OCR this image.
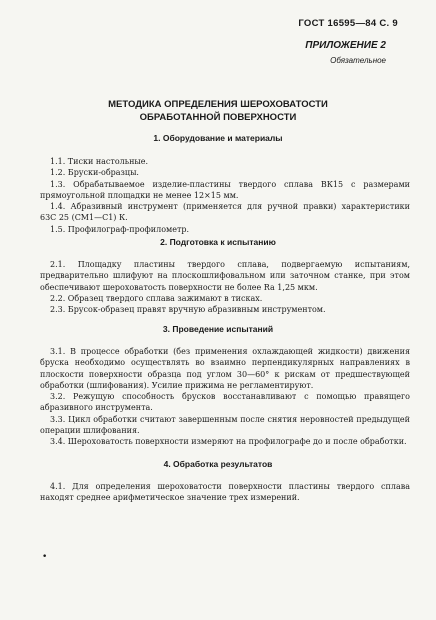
ГОСТ 16595—84 С. 9
ПРИЛОЖЕНИЕ 2
Обязательное
МЕТОДИКА ОПРЕДЕЛЕНИЯ ШЕРОХОВАТОСТИ
ОБРАБОТАННОЙ ПОВЕРХНОСТИ
1. Оборудование и материалы

1.1. Тиски настольные.

1.2. Бруски-образцы.

1.3. Обрабатываемое изделие-пластины твердого сплава ВК15 с размерами прямоугольной площадки не менее 12×15 мм.

1.4. Абразивный инструмент (применяется для ручной правки) характеристики 63С 25 (СМ1—С1) К.

1.5. Профилограф-профилометр.

2. Подготовка к испытанию

2.1. Площадку пластины твердого сплава, подвергаемую испытаниям, предварительно шлифуют на плоскошлифовальном или заточном станке, при этом обеспечивают шероховатость поверхности не более Ra 1,25 мкм.

2.2. Образец твердого сплава зажимают в тисках.

2.3. Брусок-образец правят вручную абразивным инструментом.

3. Проведение испытаний

3.1. В процессе обработки (без применения охлаждающей жидкости) движения бруска необходимо осуществлять во взаимно перпендикулярных направлениях в плоскости поверхности образца под углом 30—60° к рискам от предшествующей обработки (шлифования). Усилие прижима не регламентируют.

3.2. Режущую способность брусков восстанавливают с помощью правящего абразивного инструмента.

3.3. Цикл обработки считают завершенным после снятия неровностей предыдущей операции шлифования.

3.4. Шероховатость поверхности измеряют на профилографе до и после обработки.

4. Обработка результатов

4.1. Для определения шероховатости поверхности пластины твердого сплава находят среднее арифметическое значение трех измерений.

•
